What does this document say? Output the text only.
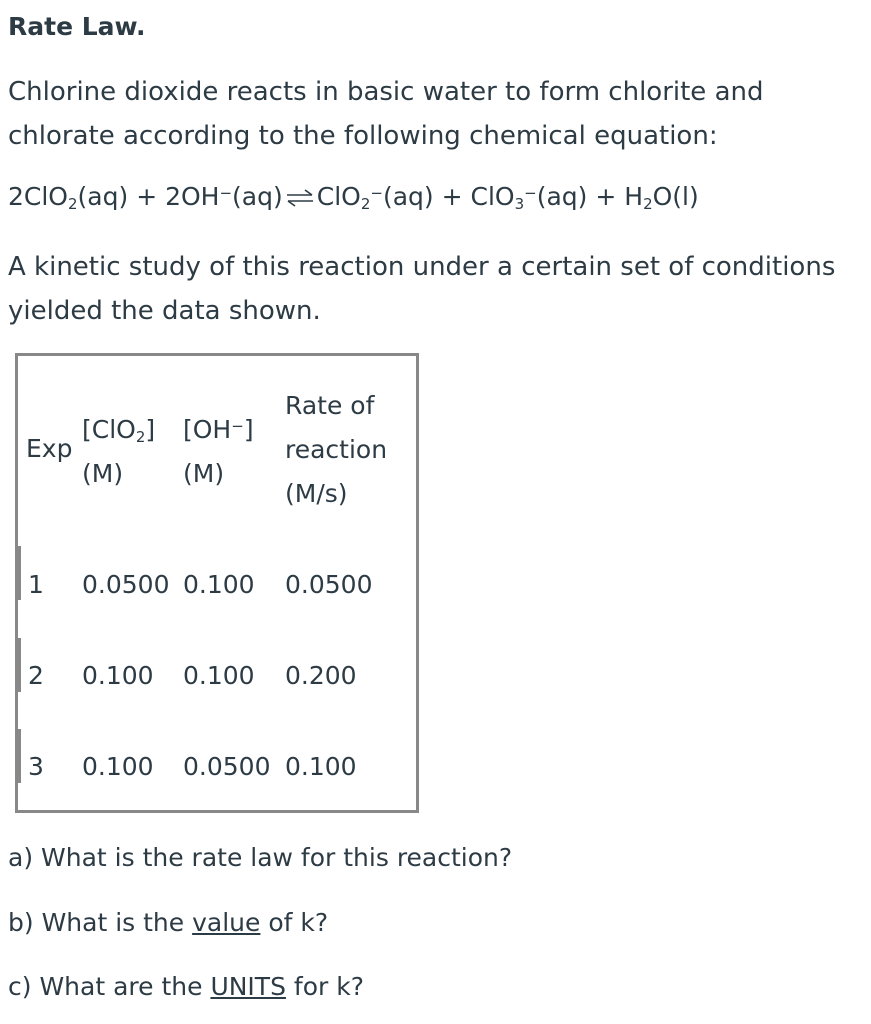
Rate Law.
Chlorine dioxide reacts in basic water to form chlorite and
chlorate according to the following chemical equation:
2ClO$_2$(aq) + 2OH−(aq) ⇌ $ClO_2^-(aq) + ClO_3^-(aq) + H_2O(l)$
A kinetic study of this reaction under a certain set of conditions
yielded the data shown.
Exp
[ClO$_2$]
(M)
[OH−]
(M)
Rate of
reaction
(M/s)
1 0.0500 0.100 0.0500
2 0.100 0.100 0.200
3 0.100 0.0500 0.100
a) What is the rate law for this reaction?
b) What is the value of k?
c) What are the UNITS for k?
